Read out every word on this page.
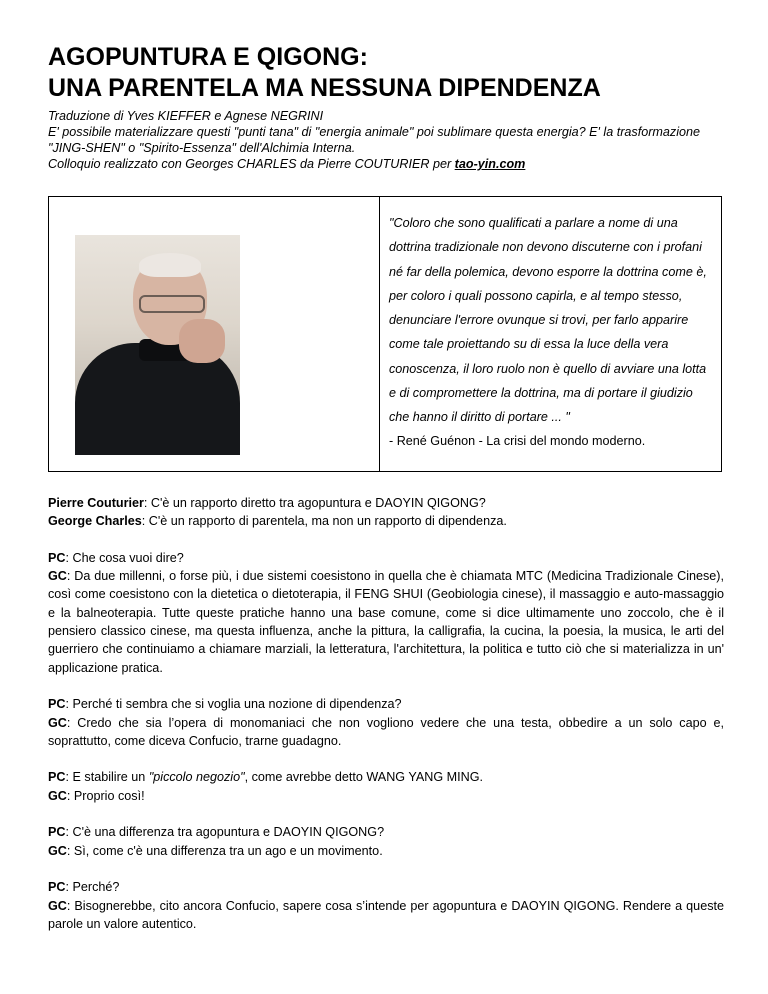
AGOPUNTURA E QIGONG:
UNA PARENTELA MA NESSUNA DIPENDENZA
Traduzione di Yves KIEFFER e Agnese NEGRINI
E' possibile materializzare questi "punti tana" di "energia animale" poi sublimare questa energia? E' la trasformazione "JING-SHEN" o "Spirito-Essenza" dell'Alchimia Interna.
Colloquio realizzato con Georges CHARLES da Pierre COUTURIER per tao-yin.com
"Coloro che sono qualificati a parlare a nome di una dottrina tradizionale non devono discuterne con i profani né far della polemica, devono esporre la dottrina come è, per coloro i quali possono capirla, e al tempo stesso, denunciare l'errore ovunque si trovi, per farlo apparire come tale proiettando su di essa la luce della vera conoscenza, il loro ruolo non è quello di avviare una lotta e di compromettere la dottrina, ma di portare il giudizio che hanno il diritto di portare ... "
- René Guénon - La crisi del mondo moderno.

Pierre Couturier: C'è un rapporto diretto tra agopuntura e DAOYIN QIGONG?
George Charles: C'è un rapporto di parentela, ma non un rapporto di dipendenza.

PC: Che cosa vuoi dire?
GC: Da due millenni, o forse più, i due sistemi coesistono in quella che è chiamata MTC (Medicina Tradizionale Cinese), così come coesistono con la dietetica o dietoterapia, il FENG SHUI (Geobiologia cinese), il massaggio e auto-massaggio e la balneoterapia. Tutte queste pratiche hanno una base comune, come si dice ultimamente uno zoccolo, che è il pensiero classico cinese, ma questa influenza, anche la pittura, la calligrafia, la cucina, la poesia, la musica, le arti del guerriero che continuiamo a chiamare marziali, la letteratura, l'architettura, la politica e tutto ciò che si materializza in un' applicazione pratica.

PC: Perché ti sembra che si voglia una nozione di dipendenza?
GC: Credo che sia l’opera di monomaniaci che non vogliono vedere che una testa, obbedire a un solo capo e, soprattutto, come diceva Confucio, trarne guadagno.

PC: E stabilire un "piccolo negozio", come avrebbe detto WANG YANG MING.
GC: Proprio così!

PC: C'è una differenza tra agopuntura e DAOYIN QIGONG?
GC: Sì, come c'è una differenza tra un ago e un movimento.

PC: Perché?
GC: Bisognerebbe, cito ancora Confucio, sapere cosa s’intende per agopuntura e DAOYIN QIGONG. Rendere a queste parole un valore autentico.
